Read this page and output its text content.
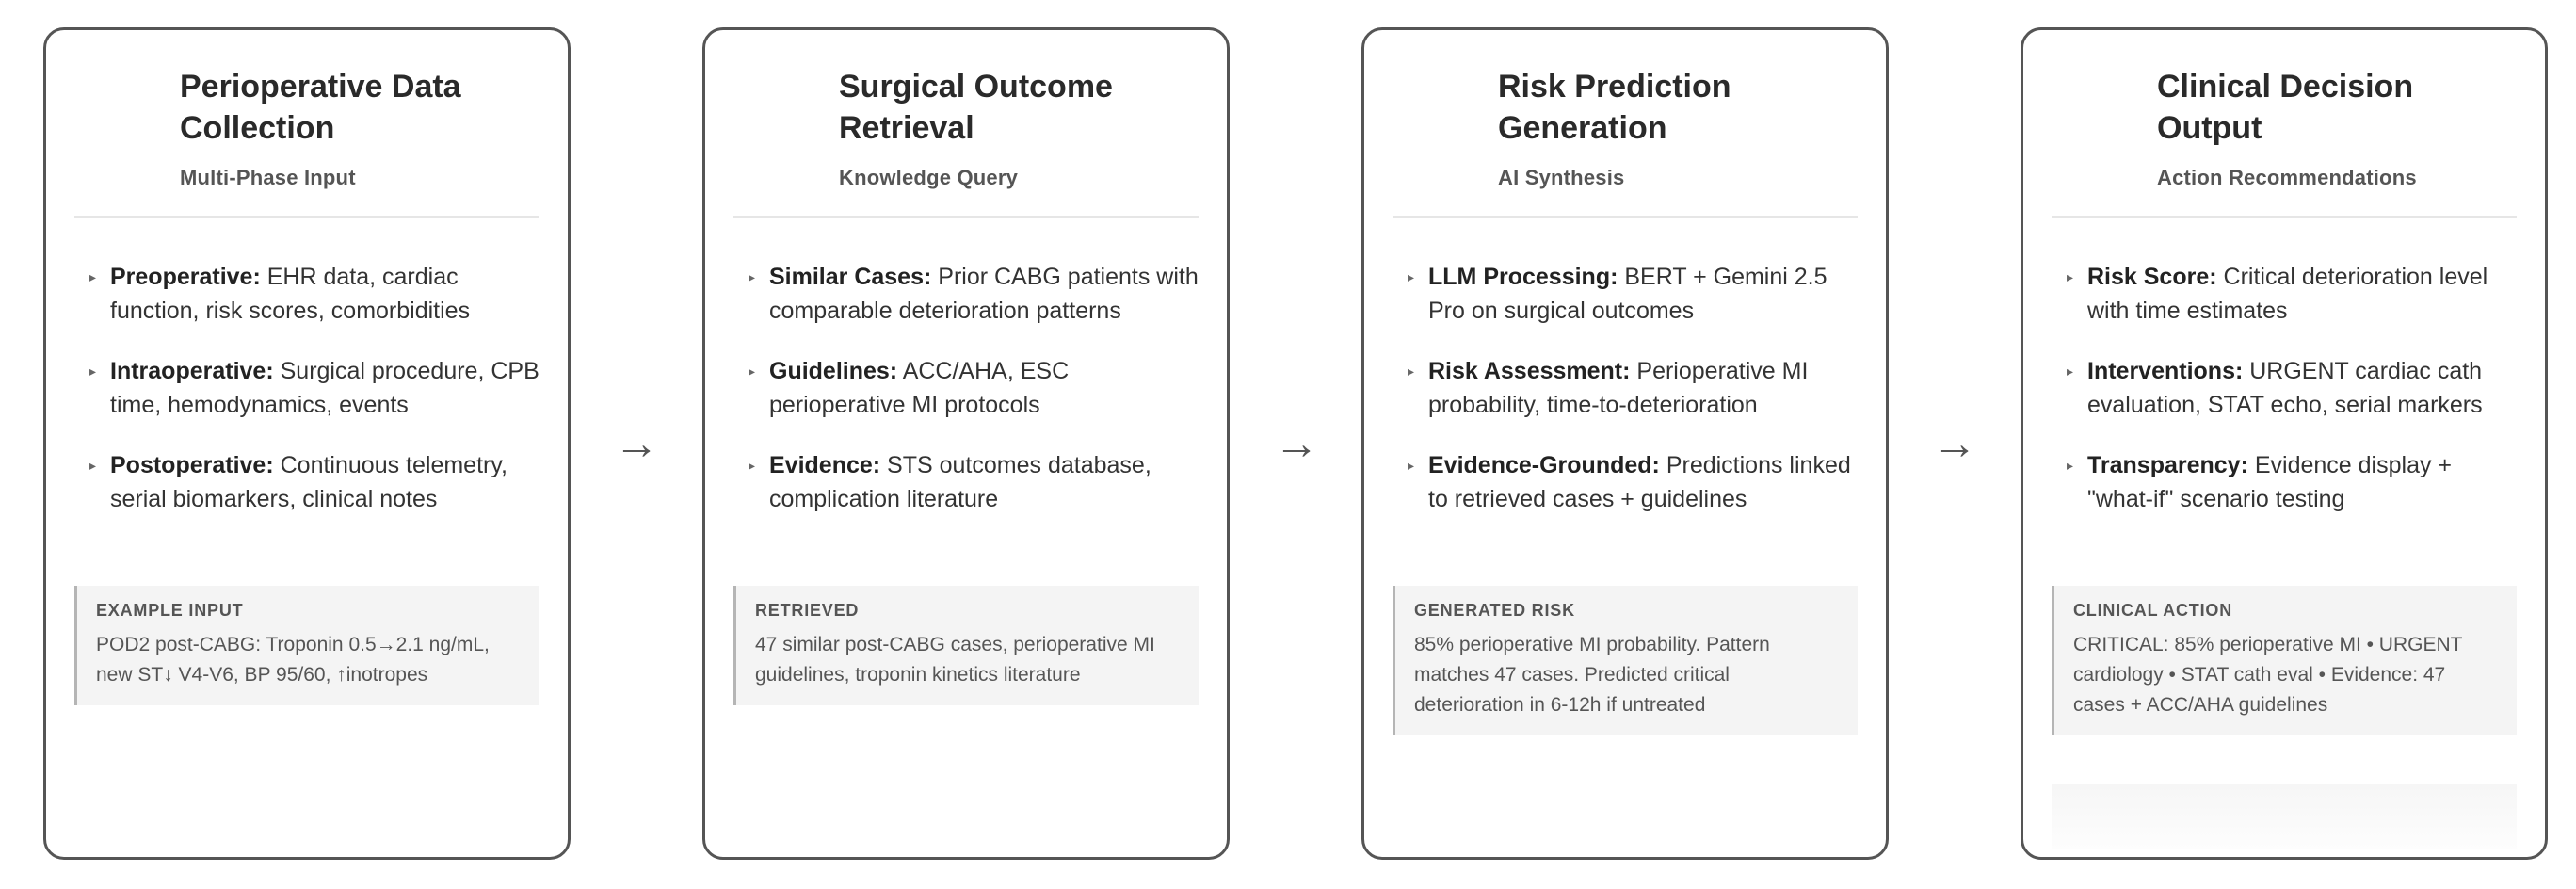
Perioperative Data
Collection
Multi-Phase Input
▸ Preoperative: EHR data, cardiac function, risk scores, comorbidities
▸ Intraoperative: Surgical procedure, CPB time, hemodynamics, events
▸ Postoperative: Continuous telemetry, serial biomarkers, clinical notes
EXAMPLE INPUT
POD2 post-CABG: Troponin 0.5→2.1 ng/mL, new ST↓ V4-V6, BP 95/60, ↑inotropes
→
Surgical Outcome
Retrieval
Knowledge Query
▸ Similar Cases: Prior CABG patients with comparable deterioration patterns
▸ Guidelines: ACC/AHA, ESC perioperative MI protocols
▸ Evidence: STS outcomes database, complication literature
RETRIEVED
47 similar post-CABG cases, perioperative MI guidelines, troponin kinetics literature
→
Risk Prediction
Generation
AI Synthesis
▸ LLM Processing: BERT + Gemini 2.5 Pro on surgical outcomes
▸ Risk Assessment: Perioperative MI probability, time-to-deterioration
▸ Evidence-Grounded: Predictions linked to retrieved cases + guidelines
GENERATED RISK
85% perioperative MI probability. Pattern matches 47 cases. Predicted critical deterioration in 6-12h if untreated
→
Clinical Decision
Output
Action Recommendations
▸ Risk Score: Critical deterioration level with time estimates
▸ Interventions: URGENT cardiac cath evaluation, STAT echo, serial markers
▸ Transparency: Evidence display + "what-if" scenario testing
CLINICAL ACTION
CRITICAL: 85% perioperative MI • URGENT cardiology • STAT cath eval • Evidence: 47 cases + ACC/AHA guidelines
